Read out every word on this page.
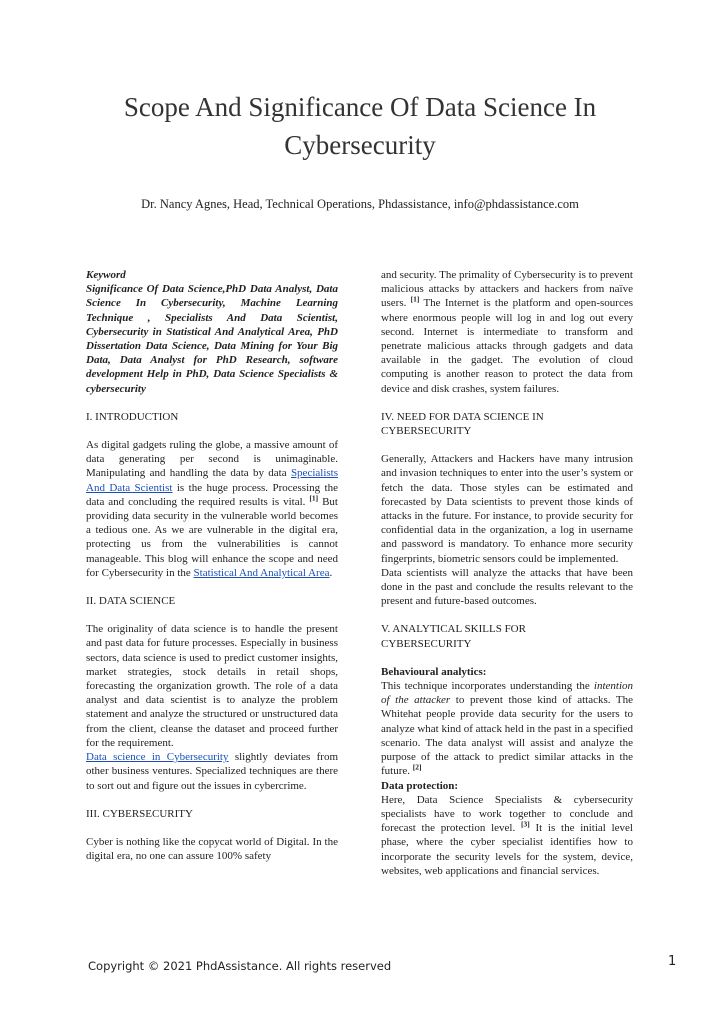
Scope And Significance Of Data Science In Cybersecurity
Dr. Nancy Agnes, Head, Technical Operations, Phdassistance, info@phdassistance.com

Keyword

Significance Of Data Science,PhD Data Analyst, Data Science In Cybersecurity, Machine Learning Technique , Specialists And Data Scientist, Cybersecurity in Statistical And Analytical Area, PhD Dissertation Data Science, Data Mining for Your Big Data, Data Analyst for PhD Research, software development Help in PhD, Data Science Specialists & cybersecurity

I. INTRODUCTION

As digital gadgets ruling the globe, a massive amount of data generating per second is unimaginable. Manipulating and handling the data by data Specialists And Data Scientist is the huge process. Processing the data and concluding the required results is vital. [1] But providing data security in the vulnerable world becomes a tedious one. As we are vulnerable in the digital era, protecting us from the vulnerabilities is cannot manageable. This blog will enhance the scope and need for Cybersecurity in the Statistical And Analytical Area.

II. DATA SCIENCE

The originality of data science is to handle the present and past data for future processes. Especially in business sectors, data science is used to predict customer insights, market strategies, stock details in retail shops, forecasting the organization growth. The role of a data analyst and data scientist is to analyze the problem statement and analyze the structured or unstructured data from the client, cleanse the dataset and proceed further for the requirement.

Data science in Cybersecurity slightly deviates from other business ventures. Specialized techniques are there to sort out and figure out the issues in cybercrime.

III. CYBERSECURITY

Cyber is nothing like the copycat world of Digital. In the digital era, no one can assure 100% safety

and security. The primality of Cybersecurity is to prevent malicious attacks by attackers and hackers from naïve users. [1] The Internet is the platform and open-sources where enormous people will log in and log out every second. Internet is intermediate to transform and penetrate malicious attacks through gadgets and data available in the gadget. The evolution of cloud computing is another reason to protect the data from device and disk crashes, system failures.

IV. NEED FOR DATA SCIENCE IN
CYBERSECURITY

Generally, Attackers and Hackers have many intrusion and invasion techniques to enter into the user’s system or fetch the data. Those styles can be estimated and forecasted by Data scientists to prevent those kinds of attacks in the future. For instance, to provide security for confidential data in the organization, a log in username and password is mandatory. To enhance more security fingerprints, biometric sensors could be implemented.

Data scientists will analyze the attacks that have been done in the past and conclude the results relevant to the present and future-based outcomes.

V. ANALYTICAL SKILLS FOR
CYBERSECURITY

Behavioural analytics:

This technique incorporates understanding the intention of the attacker to prevent those kind of attacks. The Whitehat people provide data security for the users to analyze what kind of attack held in the past in a specified scenario. The data analyst will assist and analyze the purpose of the attack to predict similar attacks in the future. [2]

Data protection:

Here, Data Science Specialists & cybersecurity specialists have to work together to conclude and forecast the protection level. [3] It is the initial level phase, where the cyber specialist identifies how to incorporate the security levels for the system, device, websites, web applications and financial services.

Copyright © 2021 PhdAssistance. All rights reserved	1
